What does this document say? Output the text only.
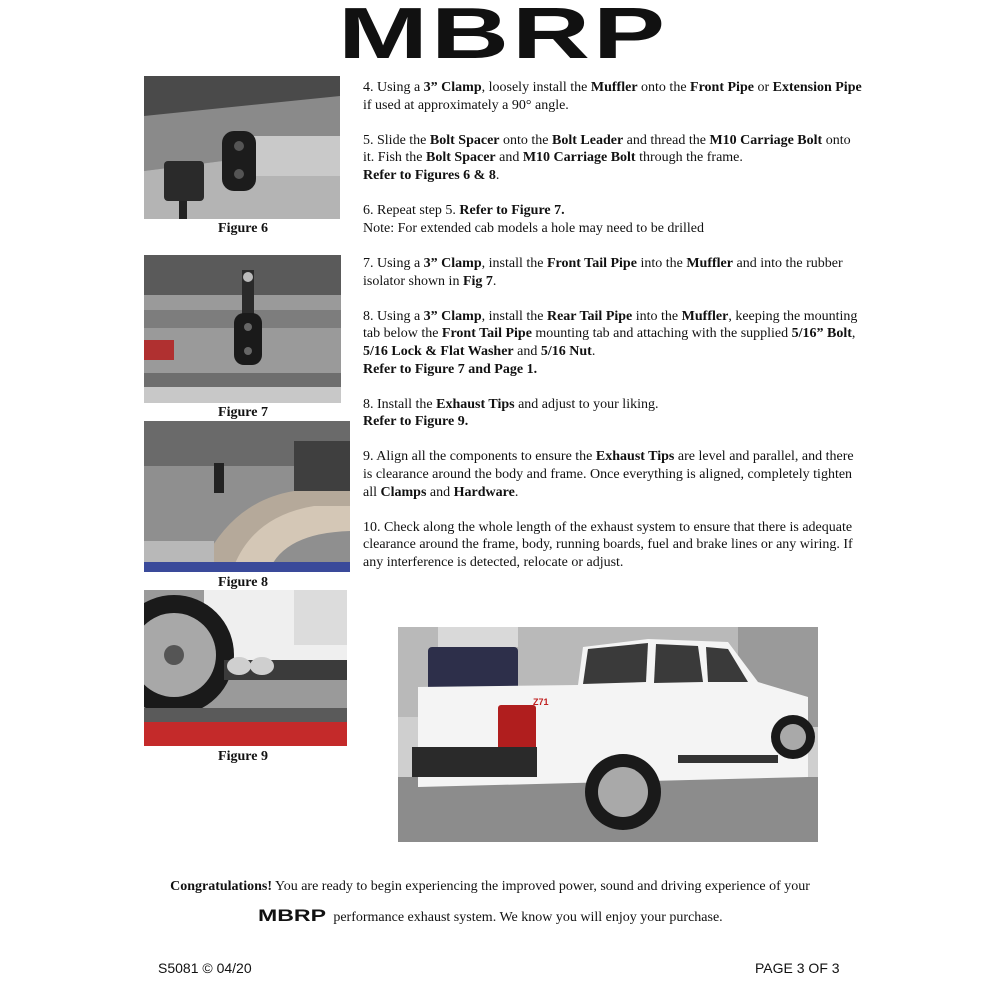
MBRP
Figure 6
Figure 7
Figure 8
Figure 9

4. Using a 3” Clamp, loosely install the Muffler onto the Front Pipe or Extension Pipe if used at approximately a 90° angle.

5. Slide the Bolt Spacer onto the Bolt Leader and thread the M10 Carriage Bolt onto it. Fish the Bolt Spacer and M10 Carriage Bolt through the frame.
Refer to Figures 6 & 8.

6. Repeat step 5. Refer to Figure 7.
Note: For extended cab models a hole may need to be drilled

7. Using a 3” Clamp, install the Front Tail Pipe into the Muffler and into the rubber isolator shown in Fig 7.

8. Using a 3” Clamp, install the Rear Tail Pipe into the Muffler, keeping the mounting tab below the Front Tail Pipe mounting tab and attaching with the supplied 5/16” Bolt, 5/16 Lock & Flat Washer and 5/16 Nut.
Refer to Figure 7 and Page 1.

8. Install the Exhaust Tips and adjust to your liking.
Refer to Figure 9.

9. Align all the components to ensure the Exhaust Tips are level and parallel, and there is clearance around the body and frame. Once everything is aligned, completely tighten all Clamps and Hardware.

10. Check along the whole length of the exhaust system to ensure that there is adequate clearance around the frame, body, running boards, fuel and brake lines or any wiring. If any interference is detected, relocate or adjust.

Z71
Congratulations! You are ready to begin experiencing the improved power, sound and driving experience of your
MBRP performance exhaust system. We know you will enjoy your purchase.
S5081 © 04/20	PAGE 3 OF 3
